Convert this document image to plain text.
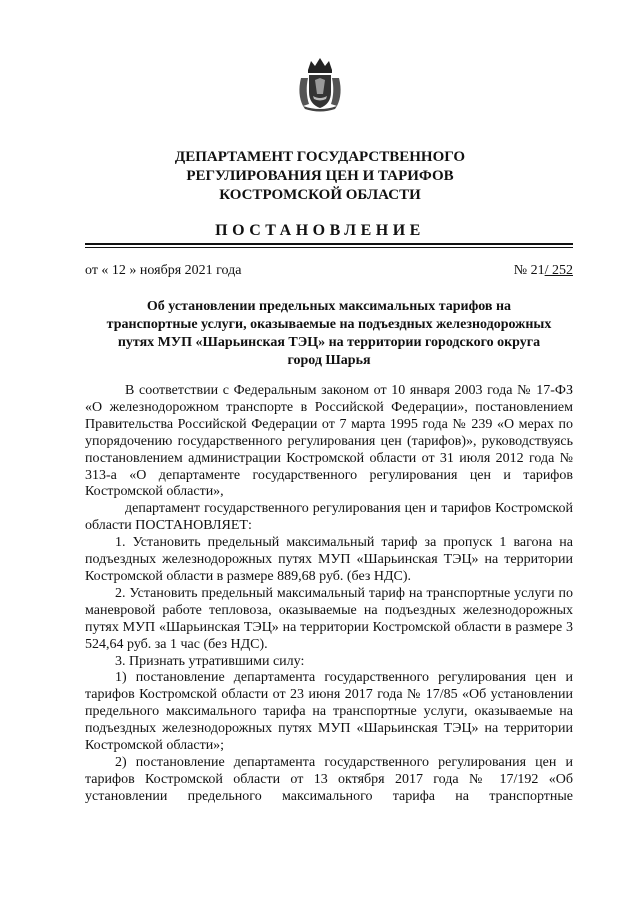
ДЕПАРТАМЕНТ ГОСУДАРСТВЕННОГО
РЕГУЛИРОВАНИЯ ЦЕН И ТАРИФОВ
КОСТРОМСКОЙ ОБЛАСТИ
ПОСТАНОВЛЕНИЕ
от « 12 » ноября 2021 года	№ 21/ 252
Об установлении предельных максимальных тарифов на
транспортные услуги, оказываемые на подъездных железнодорожных
путях МУП «Шарьинская ТЭЦ» на территории городского округа
город Шарья

В соответствии с Федеральным законом от 10 января 2003 года № 17-ФЗ «О железнодорожном транспорте в Российской Федерации», постановлением Правительства Российской Федерации от 7 марта 1995 года № 239 «О мерах по упорядочению государственного регулирования цен (тарифов)», руководствуясь постановлением администрации Костромской области от 31 июля 2012 года № 313-а «О департаменте государственного регулирования цен и тарифов Костромской области»,

департамент государственного регулирования цен и тарифов Костромской области ПОСТАНОВЛЯЕТ:

1. Установить предельный максимальный тариф за пропуск 1 вагона на подъездных железнодорожных путях МУП «Шарьинская ТЭЦ» на территории Костромской области в размере 889,68 руб. (без НДС).

2. Установить предельный максимальный тариф на транспортные услуги по маневровой работе тепловоза, оказываемые на подъездных железнодорожных путях МУП «Шарьинская ТЭЦ» на территории Костромской области в размере 3 524,64 руб. за 1 час (без НДС).

3. Признать утратившими силу:

1) постановление департамента государственного регулирования цен и тарифов Костромской области от 23 июня 2017 года № 17/85 «Об установлении предельного максимального тарифа на транспортные услуги, оказываемые на подъездных железнодорожных путях МУП «Шарьинская ТЭЦ» на территории Костромской области»;

2) постановление департамента государственного регулирования цен и тарифов Костромской области от 13 октября 2017 года № 17/192 «Об установлении предельного максимального тарифа на транспортные
